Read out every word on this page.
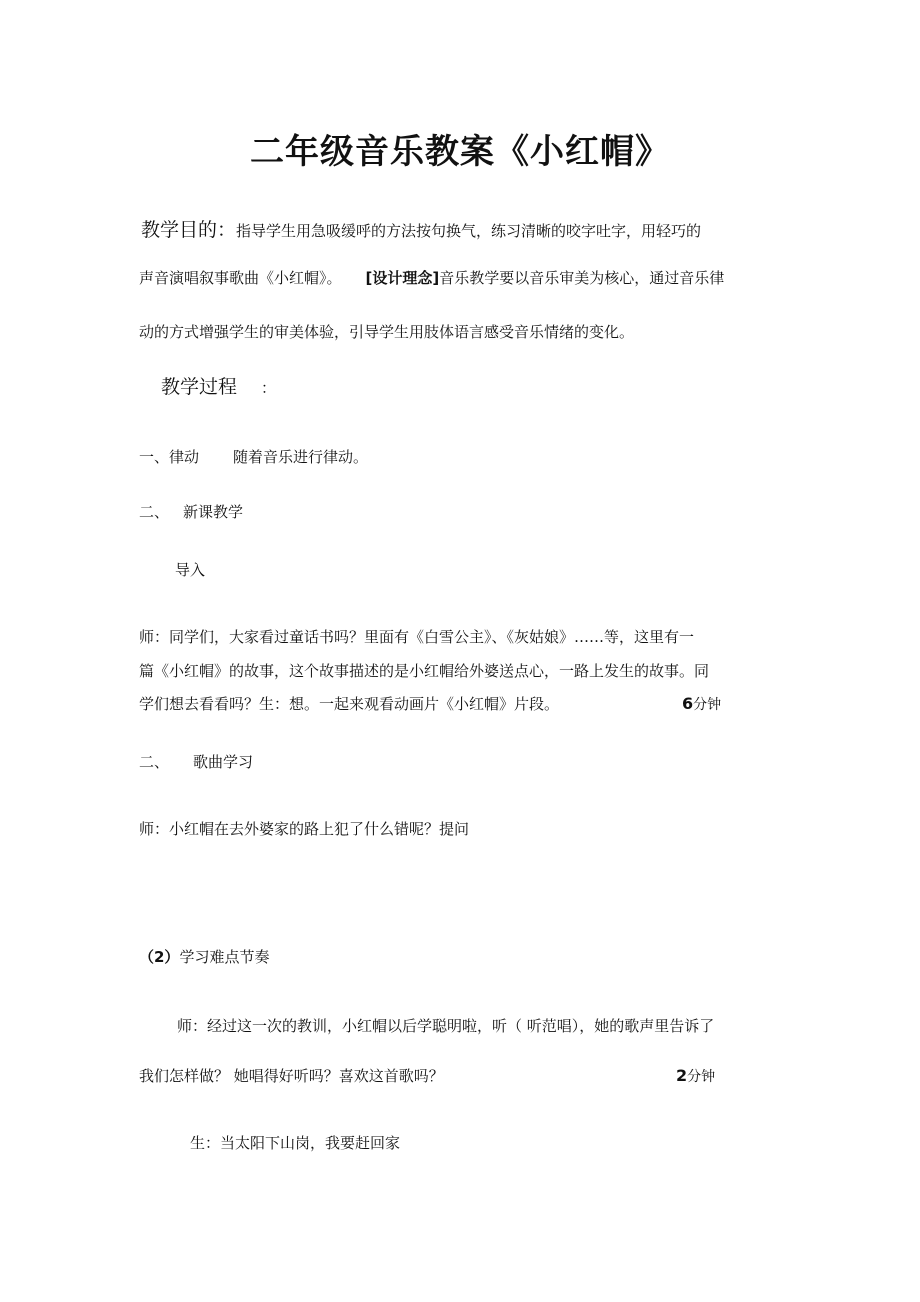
二年级音乐教案《小红帽》
教学目的：指导学生用急吸缓呼的方法按句换气，练习清晰的咬字吐字，用轻巧的
声音演唱叙事歌曲《小红帽》。 [设计理念]音乐教学要以音乐审美为核心，通过音乐律
动的方式增强学生的审美体验，引导学生用肢体语言感受音乐情绪的变化。
教学过程 ：
一、律动 随着音乐进行律动。
二、 新课教学
导入
师：同学们，大家看过童话书吗？里面有《白雪公主》、《灰姑娘》……等，这里有一
篇《小红帽》的故事，这个故事描述的是小红帽给外婆送点心，一路上发生的故事。同
学们想去看看吗？生：想。一起来观看动画片《小红帽》片段。	6分钟
二、 歌曲学习
师：小红帽在去外婆家的路上犯了什么错呢？提问
（2）学习难点节奏
师：经过这一次的教训，小红帽以后学聪明啦，听（ 听范唱），她的歌声里告诉了
我们怎样做？ 她唱得好听吗？喜欢这首歌吗？	2分钟
生：当太阳下山岗，我要赶回家
